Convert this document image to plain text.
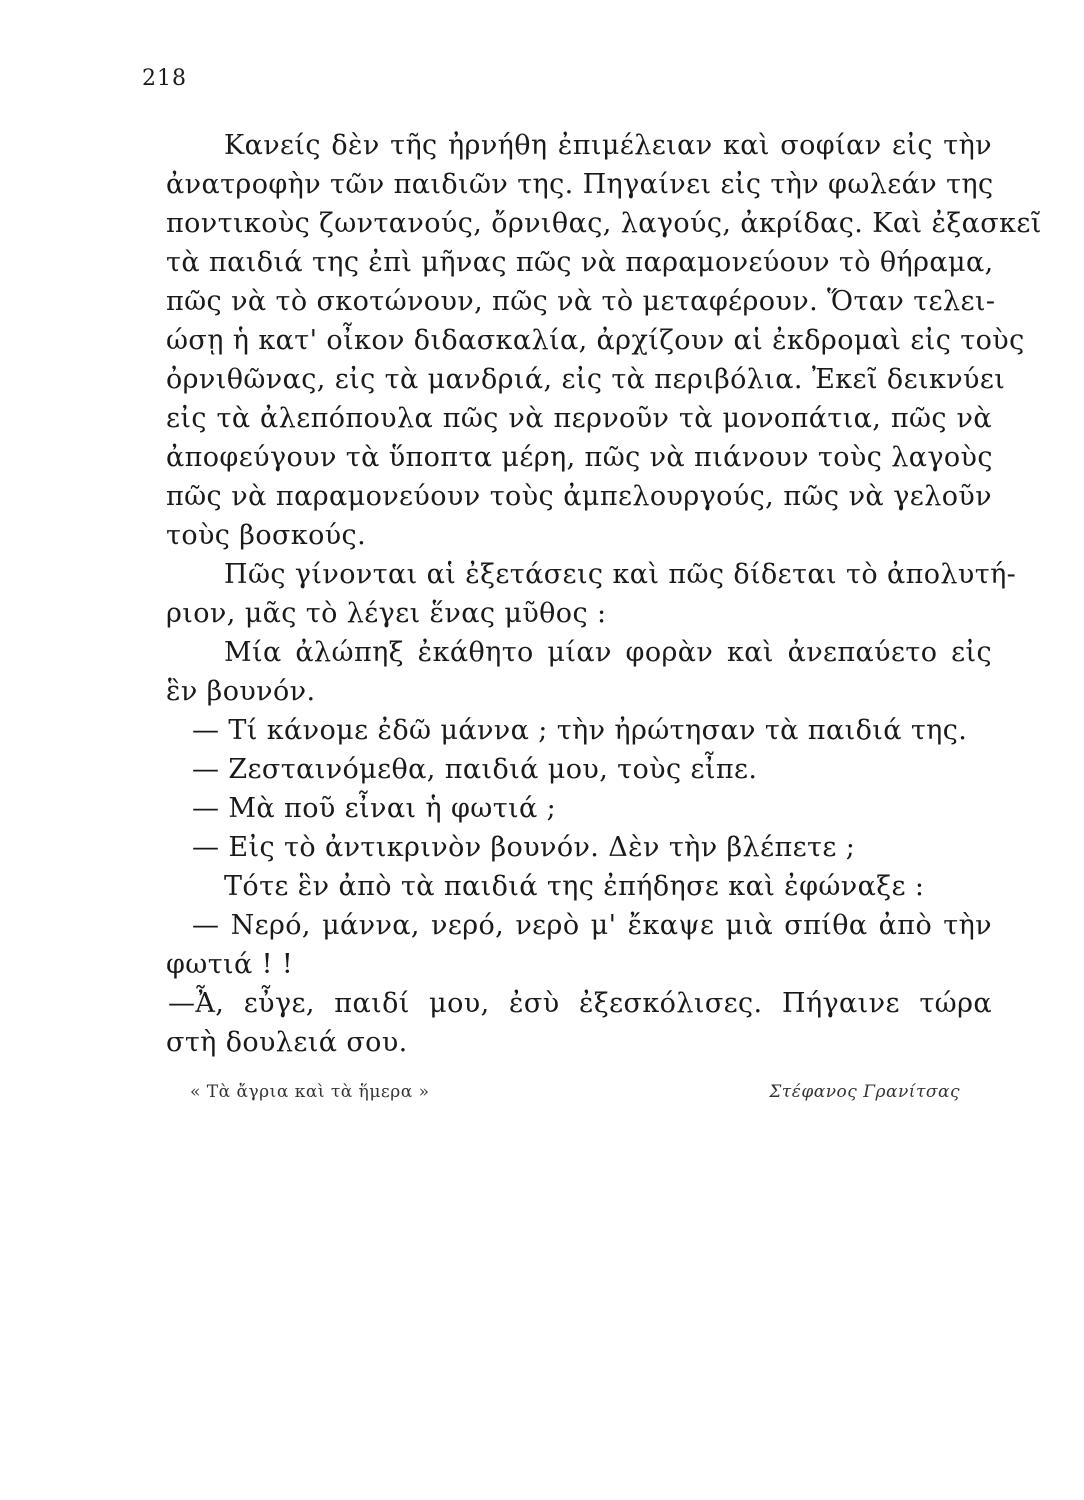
218
Κανείς δὲν τῆς ἠρνήθη ἐπιμέλειαν καὶ σοφίαν εἰς τὴν
ἀνατροφὴν τῶν παιδιῶν της. Πηγαίνει εἰς τὴν φωλεάν της
ποντικοὺς ζωντανούς, ὄρνιθας, λαγούς, ἀκρίδας. Καὶ ἐξασκεῖ
τὰ παιδιά της ἐπὶ μῆνας πῶς νὰ παραμονεύουν τὸ θήραμα,
πῶς νὰ τὸ σκοτώνουν, πῶς νὰ τὸ μεταφέρουν. Ὅταν τελει-
ώσῃ ἡ κατ' οἶκον διδασκαλία, ἀρχίζουν αἱ ἐκδρομαὶ εἰς τοὺς
ὀρνιθῶνας, εἰς τὰ μανδριά, εἰς τὰ περιβόλια. Ἐκεῖ δεικνύει
εἰς τὰ ἀλεπόπουλα πῶς νὰ περνοῦν τὰ μονοπάτια, πῶς νὰ
ἀποφεύγουν τὰ ὕποπτα μέρη, πῶς νὰ πιάνουν τοὺς λαγοὺς
πῶς νὰ παραμονεύουν τοὺς ἀμπελουργούς, πῶς νὰ γελοῦν
τοὺς βοσκούς.
Πῶς γίνονται αἱ ἐξετάσεις καὶ πῶς δίδεται τὸ ἀπολυτή-
ριον, μᾶς τὸ λέγει ἕνας μῦθος :
Μία ἀλώπηξ ἐκάθητο μίαν φορὰν καὶ ἀνεπαύετο εἰς
ἓν βουνόν.
— Τί κάνομε ἐδῶ μάννα ; τὴν ἠρώτησαν τὰ παιδιά της.
— Ζεσταινόμεθα, παιδιά μου, τοὺς εἶπε.
— Μὰ ποῦ εἶναι ἡ φωτιά ;
— Εἰς τὸ ἀντικρινὸν βουνόν. Δὲν τὴν βλέπετε ;
Τότε ἓν ἀπὸ τὰ παιδιά της ἐπήδησε καὶ ἐφώναξε :
— Νερό, μάννα, νερό, νερὸ μ' ἔκαψε μιὰ σπίθα ἀπὸ τὴν
φωτιά ! !
—Ἆ, εὖγε, παιδί μου, ἐσὺ ἐξεσκόλισες. Πήγαινε τώρα
στὴ δουλειά σου.
« Τὰ ἄγρια καὶ τὰ ἥμερα »	Στέφανος Γρανίτσας
